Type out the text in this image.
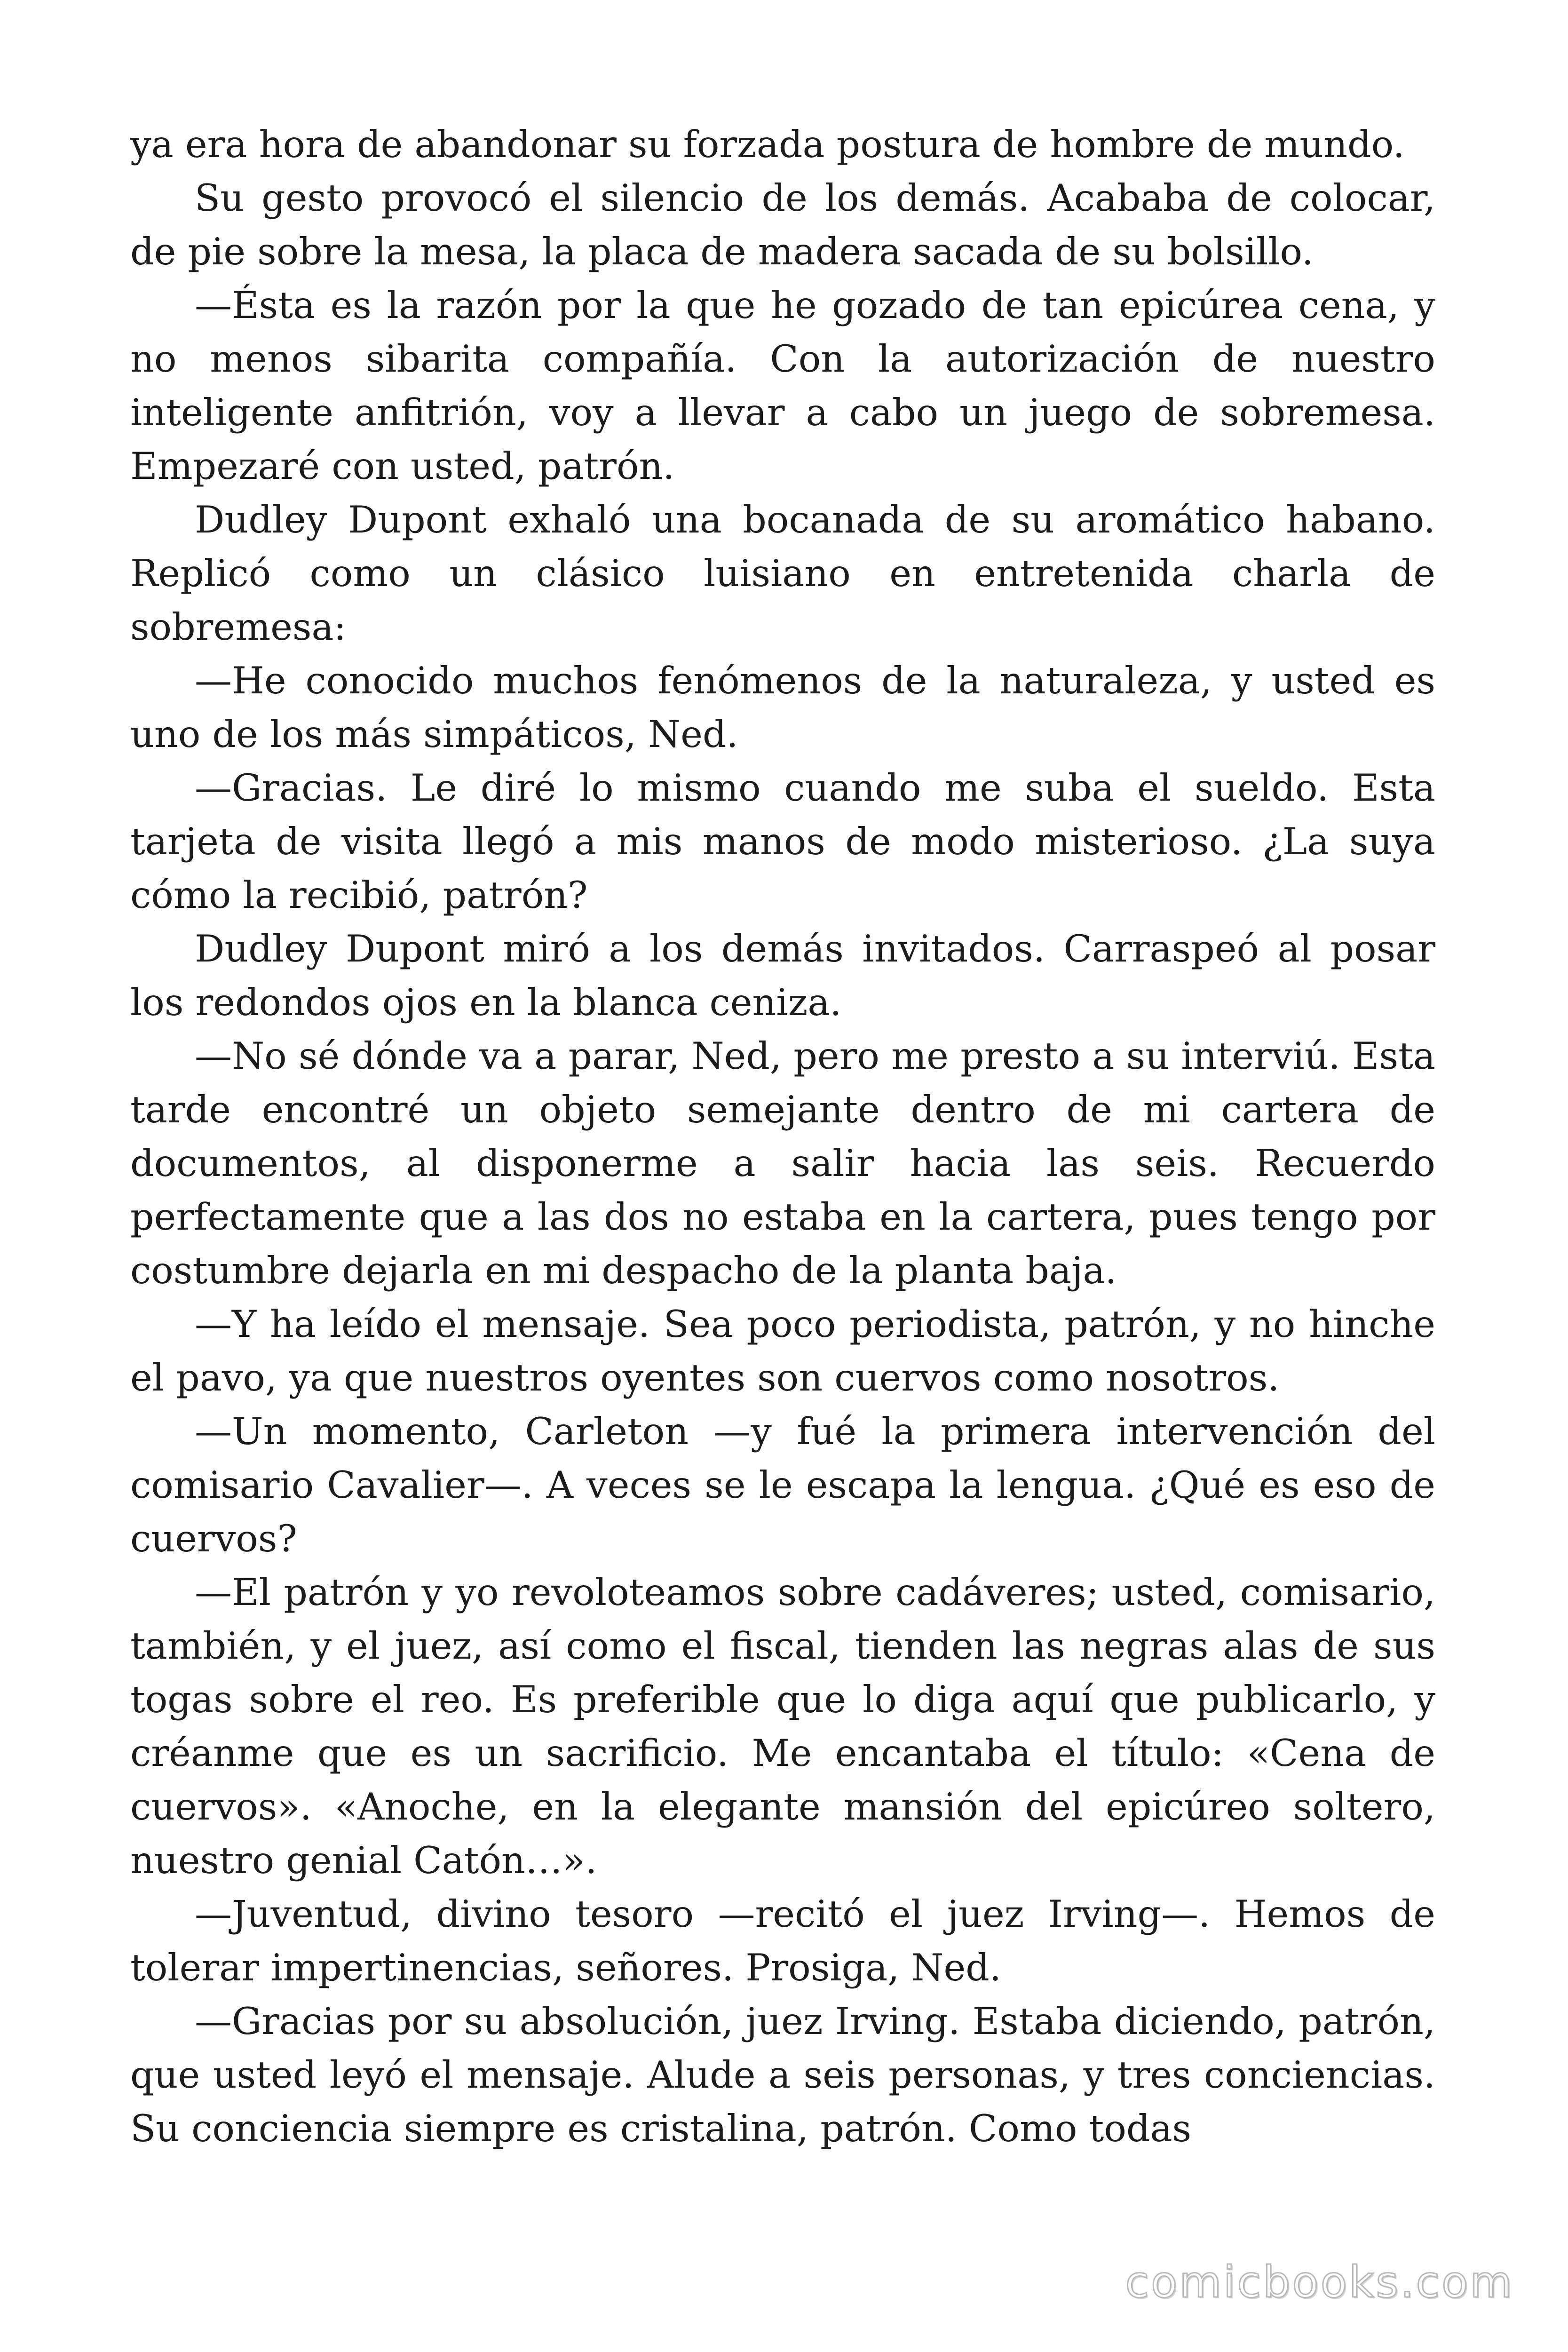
ya era hora de abandonar su forzada postura de hombre de mundo.

Su gesto provocó el silencio de los demás. Acababa de colocar, de pie sobre la mesa, la placa de madera sacada de su bolsillo.

—Ésta es la razón por la que he gozado de tan epicúrea cena, y no menos sibarita compañía. Con la autorización de nuestro inteligente anfitrión, voy a llevar a cabo un juego de sobremesa. Empezaré con usted, patrón.

Dudley Dupont exhaló una bocanada de su aromático habano. Replicó como un clásico luisiano en entretenida charla de sobremesa:

—He conocido muchos fenómenos de la naturaleza, y usted es uno de los más simpáticos, Ned.

—Gracias. Le diré lo mismo cuando me suba el sueldo. Esta tarjeta de visita llegó a mis manos de modo misterioso. ¿La suya cómo la recibió, patrón?

Dudley Dupont miró a los demás invitados. Carraspeó al posar los redondos ojos en la blanca ceniza.

—No sé dónde va a parar, Ned, pero me presto a su interviú. Esta tarde encontré un objeto semejante dentro de mi cartera de documentos, al disponerme a salir hacia las seis. Recuerdo perfectamente que a las dos no estaba en la cartera, pues tengo por costumbre dejarla en mi despacho de la planta baja.

—Y ha leído el mensaje. Sea poco periodista, patrón, y no hinche el pavo, ya que nuestros oyentes son cuervos como nosotros.

—Un momento, Carleton —y fué la primera intervención del comisario Cavalier—. A veces se le escapa la lengua. ¿Qué es eso de cuervos?

—El patrón y yo revoloteamos sobre cadáveres; usted, comisario, también, y el juez, así como el fiscal, tienden las negras alas de sus togas sobre el reo. Es preferible que lo diga aquí que publicarlo, y créanme que es un sacrificio. Me encantaba el título: «Cena de cuervos». «Anoche, en la elegante mansión del epicúreo soltero, nuestro genial Catón…».

—Juventud, divino tesoro —recitó el juez Irving—. Hemos de tolerar impertinencias, señores. Prosiga, Ned.

—Gracias por su absolución, juez Irving. Estaba diciendo, patrón, que usted leyó el mensaje. Alude a seis personas, y tres conciencias. Su conciencia siempre es cristalina, patrón. Como todas

comicbooks.com
